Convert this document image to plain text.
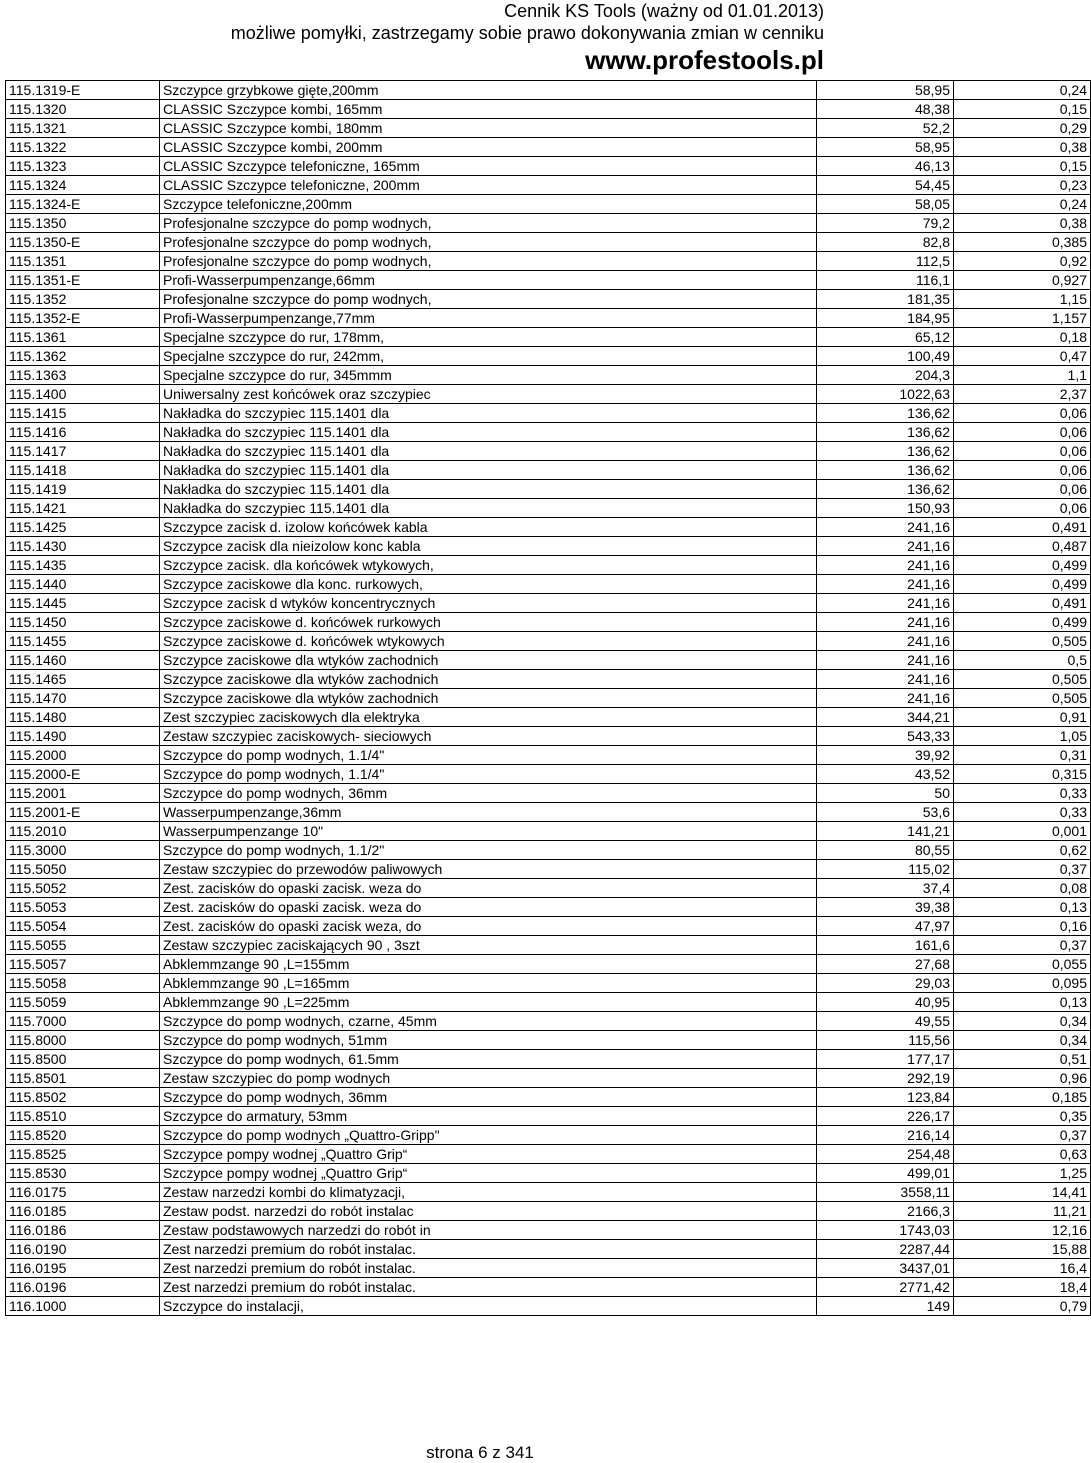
Cennik KS Tools (ważny od 01.01.2013)
możliwe pomyłki, zastrzegamy sobie prawo dokonywania zmian w cenniku
www.profestools.pl
115.1319-E	Szczypce grzybkowe gięte,200mm	58,95	0,24
115.1320	CLASSIC Szczypce kombi, 165mm	48,38	0,15
115.1321	CLASSIC Szczypce kombi, 180mm	52,2	0,29
115.1322	CLASSIC Szczypce kombi, 200mm	58,95	0,38
115.1323	CLASSIC Szczypce telefoniczne, 165mm	46,13	0,15
115.1324	CLASSIC Szczypce telefoniczne, 200mm	54,45	0,23
115.1324-E	Szczypce telefoniczne,200mm	58,05	0,24
115.1350	Profesjonalne szczypce do pomp wodnych,	79,2	0,38
115.1350-E	Profesjonalne szczypce do pomp wodnych,	82,8	0,385
115.1351	Profesjonalne szczypce do pomp wodnych,	112,5	0,92
115.1351-E	Profi-Wasserpumpenzange,66mm	116,1	0,927
115.1352	Profesjonalne szczypce do pomp wodnych,	181,35	1,15
115.1352-E	Profi-Wasserpumpenzange,77mm	184,95	1,157
115.1361	Specjalne szczypce do rur, 178mm,	65,12	0,18
115.1362	Specjalne szczypce do rur, 242mm,	100,49	0,47
115.1363	Specjalne szczypce do rur, 345mmm	204,3	1,1
115.1400	Uniwersalny zest końcówek oraz szczypiec	1022,63	2,37
115.1415	Nakładka do szczypiec 115.1401 dla	136,62	0,06
115.1416	Nakładka do szczypiec 115.1401 dla	136,62	0,06
115.1417	Nakładka do szczypiec 115.1401 dla	136,62	0,06
115.1418	Nakładka do szczypiec 115.1401 dla	136,62	0,06
115.1419	Nakładka do szczypiec 115.1401 dla	136,62	0,06
115.1421	Nakładka do szczypiec 115.1401 dla	150,93	0,06
115.1425	Szczypce zacisk d. izolow końcówek kabla	241,16	0,491
115.1430	Szczypce zacisk dla nieizolow konc kabla	241,16	0,487
115.1435	Szczypce zacisk. dla końcówek wtykowych,	241,16	0,499
115.1440	Szczypce zaciskowe dla konc. rurkowych,	241,16	0,499
115.1445	Szczypce zacisk d wtyków koncentrycznych	241,16	0,491
115.1450	Szczypce zaciskowe d. końcówek rurkowych	241,16	0,499
115.1455	Szczypce zaciskowe d. końcówek wtykowych	241,16	0,505
115.1460	Szczypce zaciskowe dla wtyków zachodnich	241,16	0,5
115.1465	Szczypce zaciskowe dla wtyków zachodnich	241,16	0,505
115.1470	Szczypce zaciskowe dla wtyków zachodnich	241,16	0,505
115.1480	Zest szczypiec zaciskowych dla elektryka	344,21	0,91
115.1490	Zestaw szczypiec zaciskowych- sieciowych	543,33	1,05
115.2000	Szczypce do pomp wodnych, 1.1/4"	39,92	0,31
115.2000-E	Szczypce do pomp wodnych, 1.1/4"	43,52	0,315
115.2001	Szczypce do pomp wodnych, 36mm	50	0,33
115.2001-E	Wasserpumpenzange,36mm	53,6	0,33
115.2010	Wasserpumpenzange 10"	141,21	0,001
115.3000	Szczypce do pomp wodnych, 1.1/2"	80,55	0,62
115.5050	Zestaw szczypiec do przewodów paliwowych	115,02	0,37
115.5052	Zest. zacisków do opaski zacisk. weza do	37,4	0,08
115.5053	Zest. zacisków do opaski zacisk. weza do	39,38	0,13
115.5054	Zest. zacisków do opaski zacisk weza, do	47,97	0,16
115.5055	Zestaw szczypiec zaciskających 90 , 3szt	161,6	0,37
115.5057	Abklemmzange 90 ,L=155mm	27,68	0,055
115.5058	Abklemmzange 90 ,L=165mm	29,03	0,095
115.5059	Abklemmzange 90 ,L=225mm	40,95	0,13
115.7000	Szczypce do pomp wodnych, czarne, 45mm	49,55	0,34
115.8000	Szczypce do pomp wodnych, 51mm	115,56	0,34
115.8500	Szczypce do pomp wodnych, 61.5mm	177,17	0,51
115.8501	Zestaw szczypiec do pomp wodnych	292,19	0,96
115.8502	Szczypce do pomp wodnych, 36mm	123,84	0,185
115.8510	Szczypce do armatury, 53mm	226,17	0,35
115.8520	Szczypce do pomp wodnych „Quattro-Gripp"	216,14	0,37
115.8525	Szczypce pompy wodnej „Quattro Grip“	254,48	0,63
115.8530	Szczypce pompy wodnej „Quattro Grip“	499,01	1,25
116.0175	Zestaw narzedzi kombi do klimatyzacji,	3558,11	14,41
116.0185	Zestaw podst. narzedzi do robót instalac	2166,3	11,21
116.0186	Zestaw podstawowych narzedzi do robót in	1743,03	12,16
116.0190	Zest narzedzi premium do robót instalac.	2287,44	15,88
116.0195	Zest narzedzi premium do robót instalac.	3437,01	16,4
116.0196	Zest narzedzi premium do robót instalac.	2771,42	18,4
116.1000	Szczypce do instalacji,	149	0,79
strona 6 z 341
